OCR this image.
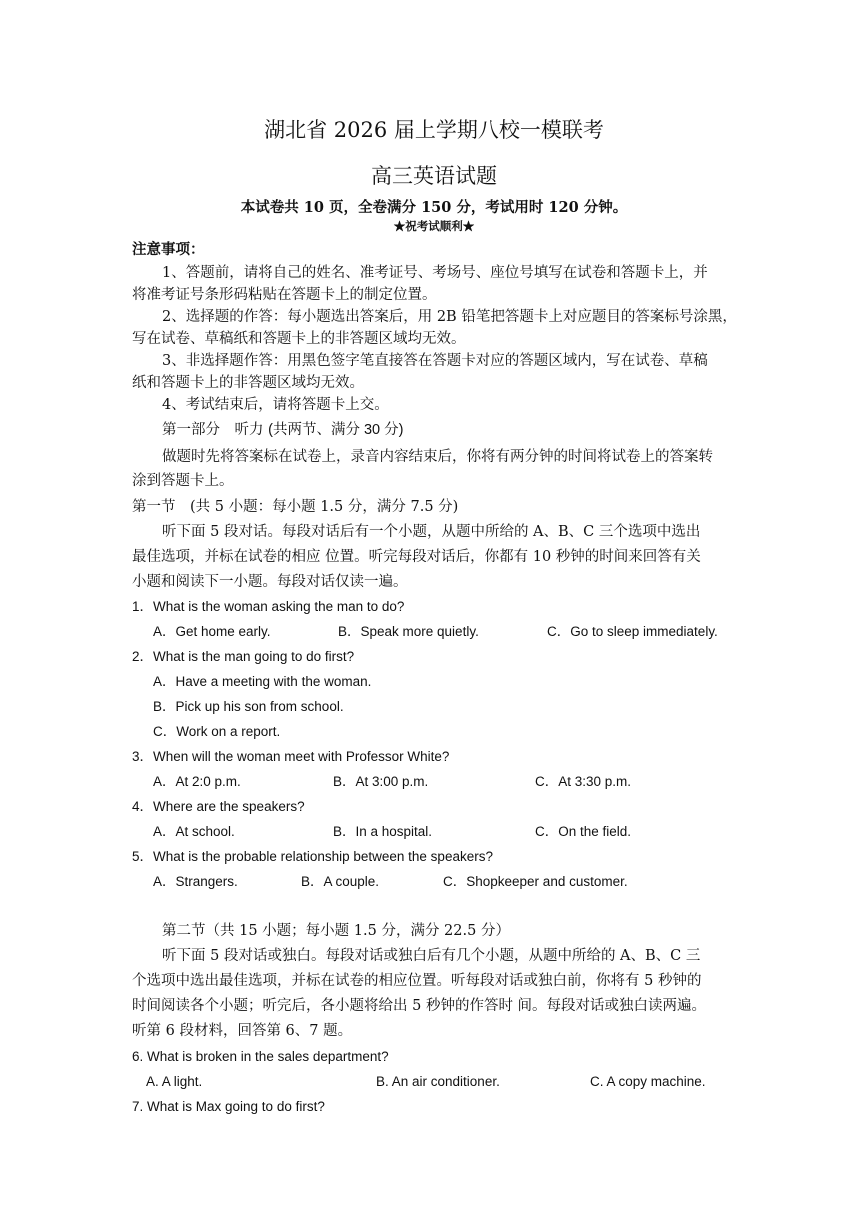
湖北省 2026 届上学期八校一模联考
高三英语试题
本试卷共 10 页，全卷满分 150 分，考试用时 120 分钟。
★祝考试顺利★
注意事项：
1、答题前，请将自己的姓名、准考证号、考场号、座位号填写在试卷和答题卡上，并
将准考证号条形码粘贴在答题卡上的制定位置。
2、选择题的作答：每小题选出答案后，用 2B 铅笔把答题卡上对应题目的答案标号涂黑，
写在试卷、草稿纸和答题卡上的非答题区域均无效。
3、非选择题作答：用黑色签字笔直接答在答题卡对应的答题区域内，写在试卷、草稿
纸和答题卡上的非答题区域均无效。
4、考试结束后，请将答题卡上交。
第一部分　听力 (共两节、满分 30 分)
做题时先将答案标在试卷上，录音内容结束后，你将有两分钟的时间将试卷上的答案转
涂到答题卡上。
第一节　(共 5 小题：每小题 1.5 分，满分 7.5 分)
听下面 5 段对话。每段对话后有一个小题，从题中所给的 A、B、C 三个选项中选出
最佳选项，并标在试卷的相应 位置。听完每段对话后，你都有 10 秒钟的时间来回答有关
小题和阅读下一小题。每段对话仅读一遍。
1．What is the woman asking the man to do?
A．Get home early.	B．Speak more quietly.	C．Go to sleep immediately.
2．What is the man going to do first?
A．Have a meeting with the woman.
B．Pick up his son from school.
C．Work on a report.
3．When will the woman meet with Professor White?
A．At 2:0 p.m.	B．At 3:00 p.m.	C．At 3:30 p.m.
4．Where are the speakers?
A．At school.	B．In a hospital.	C．On the field.
5．What is the probable relationship between the speakers?
A．Strangers.	B．A couple.	C．Shopkeeper and customer.
第二节（共 15 小题；每小题 1.5 分，满分 22.5 分）
听下面 5 段对话或独白。每段对话或独白后有几个小题，从题中所给的 A、B、C 三
个选项中选出最佳选项，并标在试卷的相应位置。听每段对话或独白前，你将有 5 秒钟的
时间阅读各个小题；听完后，各小题将给出 5 秒钟的作答时 间。每段对话或独白读两遍。
听第 6 段材料，回答第 6、7 题。
6. What is broken in the sales department?
A. A light.	B. An air conditioner.	C. A copy machine.
7. What is Max going to do first?
